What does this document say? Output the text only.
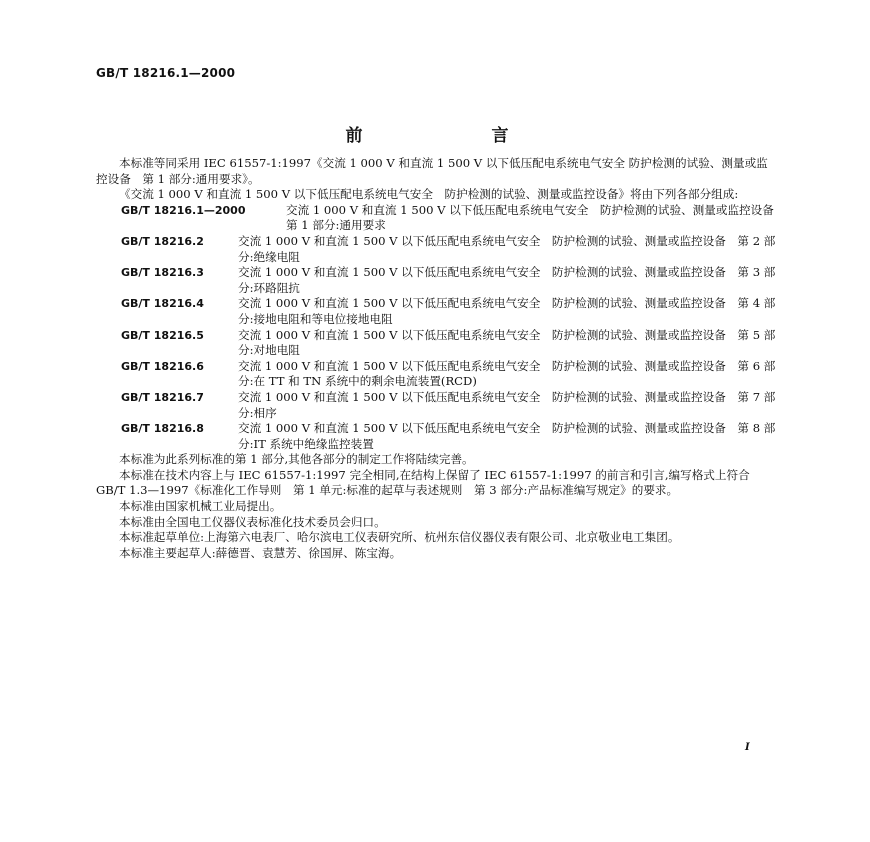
GB/T 18216.1—2000
前　言

本标准等同采用 IEC 61557-1:1997《交流 1 000 V 和直流 1 500 V 以下低压配电系统电气安全 防护检测的试验、测量或监控设备　第 1 部分:通用要求》。

《交流 1 000 V 和直流 1 500 V 以下低压配电系统电气安全　防护检测的试验、测量或监控设备》将由下列各部分组成:

GB/T 18216.1—2000	交流 1 000 V 和直流 1 500 V 以下低压配电系统电气安全　防护检测的试验、测量或监控设备　第 1 部分:通用要求
GB/T 18216.2	交流 1 000 V 和直流 1 500 V 以下低压配电系统电气安全　防护检测的试验、测量或监控设备　第 2 部分:绝缘电阻
GB/T 18216.3	交流 1 000 V 和直流 1 500 V 以下低压配电系统电气安全　防护检测的试验、测量或监控设备　第 3 部分:环路阻抗
GB/T 18216.4	交流 1 000 V 和直流 1 500 V 以下低压配电系统电气安全　防护检测的试验、测量或监控设备　第 4 部分:接地电阻和等电位接地电阻
GB/T 18216.5	交流 1 000 V 和直流 1 500 V 以下低压配电系统电气安全　防护检测的试验、测量或监控设备　第 5 部分:对地电阻
GB/T 18216.6	交流 1 000 V 和直流 1 500 V 以下低压配电系统电气安全　防护检测的试验、测量或监控设备　第 6 部分:在 TT 和 TN 系统中的剩余电流装置(RCD)
GB/T 18216.7	交流 1 000 V 和直流 1 500 V 以下低压配电系统电气安全　防护检测的试验、测量或监控设备　第 7 部分:相序
GB/T 18216.8	交流 1 000 V 和直流 1 500 V 以下低压配电系统电气安全　防护检测的试验、测量或监控设备　第 8 部分:IT 系统中绝缘监控装置

本标准为此系列标准的第 1 部分,其他各部分的制定工作将陆续完善。

本标准在技术内容上与 IEC 61557-1:1997 完全相同,在结构上保留了 IEC 61557-1:1997 的前言和引言,编写格式上符合 GB/T 1.3—1997《标准化工作导则　第 1 单元:标准的起草与表述规则　第 3 部分:产品标准编写规定》的要求。

本标准由国家机械工业局提出。

本标准由全国电工仪器仪表标准化技术委员会归口。

本标准起草单位:上海第六电表厂、哈尔滨电工仪表研究所、杭州东信仪器仪表有限公司、北京敬业电工集团。

本标准主要起草人:薛德晋、袁慧芳、徐国屏、陈宝海。

I
